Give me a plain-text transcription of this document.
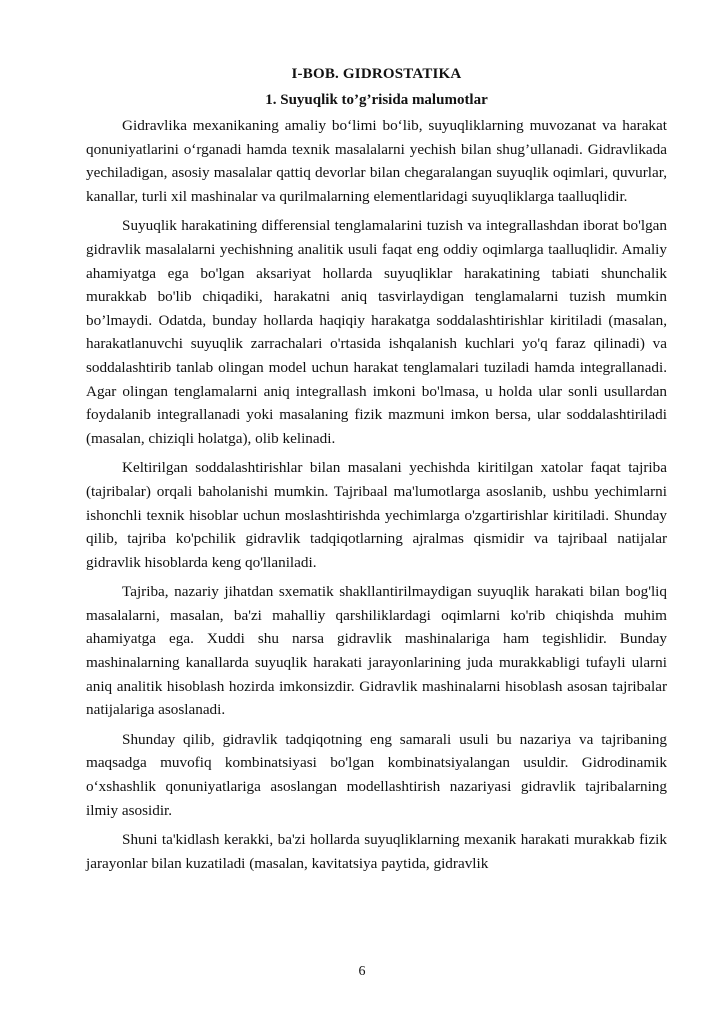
I-BOB. GIDROSTATIKA
1. Suyuqlik to’g’risida malumotlar

Gidravlika mexanikaning amaliy bo‘limi bo‘lib, suyuqliklarning muvozanat va harakat qonuniyatlarini o‘rganadi hamda texnik masalalarni yechish bilan shug’ullanadi. Gidravlikada yechiladigan, asosiy masalalar qattiq devorlar bilan chegaralangan suyuqlik oqimlari, quvurlar, kanallar, turli xil mashinalar va qurilmalarning elementlaridagi suyuqliklarga taalluqlidir.

Suyuqlik harakatining differensial tenglamalarini tuzish va integrallashdan iborat bo'lgan gidravlik masalalarni yechishning analitik usuli faqat eng oddiy oqimlarga taalluqlidir. Amaliy ahamiyatga ega bo'lgan aksariyat hollarda suyuqliklar harakatining tabiati shunchalik murakkab bo'lib chiqadiki, harakatni aniq tasvirlaydigan tenglamalarni tuzish mumkin bo’lmaydi. Odatda, bunday hollarda haqiqiy harakatga soddalashtirishlar kiritiladi (masalan, harakatlanuvchi suyuqlik zarrachalari o'rtasida ishqalanish kuchlari yo'q faraz qilinadi) va soddalashtirib tanlab olingan model uchun harakat tenglamalari tuziladi hamda integrallanadi. Agar olingan tenglamalarni aniq integrallash imkoni bo'lmasa, u holda ular sonli usullardan foydalanib integrallanadi yoki masalaning fizik mazmuni imkon bersa, ular soddalashtiriladi (masalan, chiziqli holatga), olib kelinadi.

Keltirilgan soddalashtirishlar bilan masalani yechishda kiritilgan xatolar faqat tajriba (tajribalar) orqali baholanishi mumkin. Tajribaal ma'lumotlarga asoslanib, ushbu yechimlarni ishonchli texnik hisoblar uchun moslashtirishda yechimlarga o'zgartirishlar kiritiladi. Shunday qilib, tajriba ko'pchilik gidravlik tadqiqotlarning ajralmas qismidir va tajribaal natijalar gidravlik hisoblarda keng qo'llaniladi.

Tajriba, nazariy jihatdan sxematik shakllantirilmaydigan suyuqlik harakati bilan bog'liq masalalarni, masalan, ba'zi mahalliy qarshiliklardagi oqimlarni ko'rib chiqishda muhim ahamiyatga ega. Xuddi shu narsa gidravlik mashinalariga ham tegishlidir. Bunday mashinalarning kanallarda suyuqlik harakati jarayonlarining juda murakkabligi tufayli ularni aniq analitik hisoblash hozirda imkonsizdir. Gidravlik mashinalarni hisoblash asosan tajribalar natijalariga asoslanadi.

Shunday qilib, gidravlik tadqiqotning eng samarali usuli bu nazariya va tajribaning maqsadga muvofiq kombinatsiyasi bo'lgan kombinatsiyalangan usuldir. Gidrodinamik o‘xshashlik qonuniyatlariga asoslangan modellashtirish nazariyasi gidravlik tajribalarning ilmiy asosidir.

Shuni ta'kidlash kerakki, ba'zi hollarda suyuqliklarning mexanik harakati murakkab fizik jarayonlar bilan kuzatiladi (masalan, kavitatsiya paytida, gidravlik

6
